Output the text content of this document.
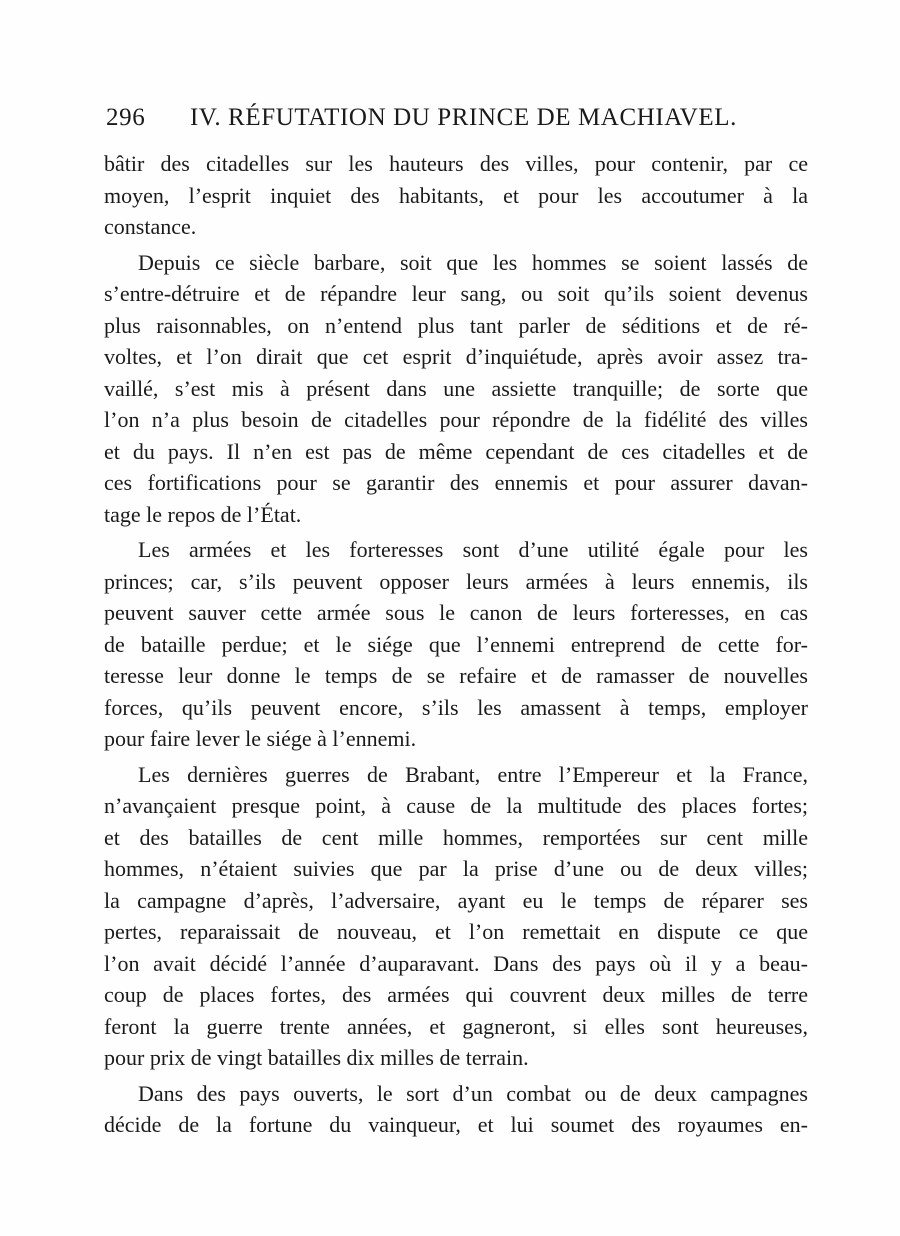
296 IV. RÉFUTATION DU PRINCE DE MACHIAVEL.

bâtir des citadelles sur les hauteurs des villes, pour contenir, par ce
moyen, l’esprit inquiet des habitants, et pour les accoutumer à la
constance.

Depuis ce siècle barbare, soit que les hommes se soient lassés de
s’entre-détruire et de répandre leur sang, ou soit qu’ils soient devenus
plus raisonnables, on n’entend plus tant parler de séditions et de ré-
voltes, et l’on dirait que cet esprit d’inquiétude, après avoir assez tra-
vaillé, s’est mis à présent dans une assiette tranquille; de sorte que
l’on n’a plus besoin de citadelles pour répondre de la fidélité des villes
et du pays. Il n’en est pas de même cependant de ces citadelles et de
ces fortifications pour se garantir des ennemis et pour assurer davan-
tage le repos de l’État.

Les armées et les forteresses sont d’une utilité égale pour les
princes; car, s’ils peuvent opposer leurs armées à leurs ennemis, ils
peuvent sauver cette armée sous le canon de leurs forteresses, en cas
de bataille perdue; et le siége que l’ennemi entreprend de cette for-
teresse leur donne le temps de se refaire et de ramasser de nouvelles
forces, qu’ils peuvent encore, s’ils les amassent à temps, employer
pour faire lever le siége à l’ennemi.

Les dernières guerres de Brabant, entre l’Empereur et la France,
n’avançaient presque point, à cause de la multitude des places fortes;
et des batailles de cent mille hommes, remportées sur cent mille
hommes, n’étaient suivies que par la prise d’une ou de deux villes;
la campagne d’après, l’adversaire, ayant eu le temps de réparer ses
pertes, reparaissait de nouveau, et l’on remettait en dispute ce que
l’on avait décidé l’année d’auparavant. Dans des pays où il y a beau-
coup de places fortes, des armées qui couvrent deux milles de terre
feront la guerre trente années, et gagneront, si elles sont heureuses,
pour prix de vingt batailles dix milles de terrain.

Dans des pays ouverts, le sort d’un combat ou de deux campagnes
décide de la fortune du vainqueur, et lui soumet des royaumes en-
